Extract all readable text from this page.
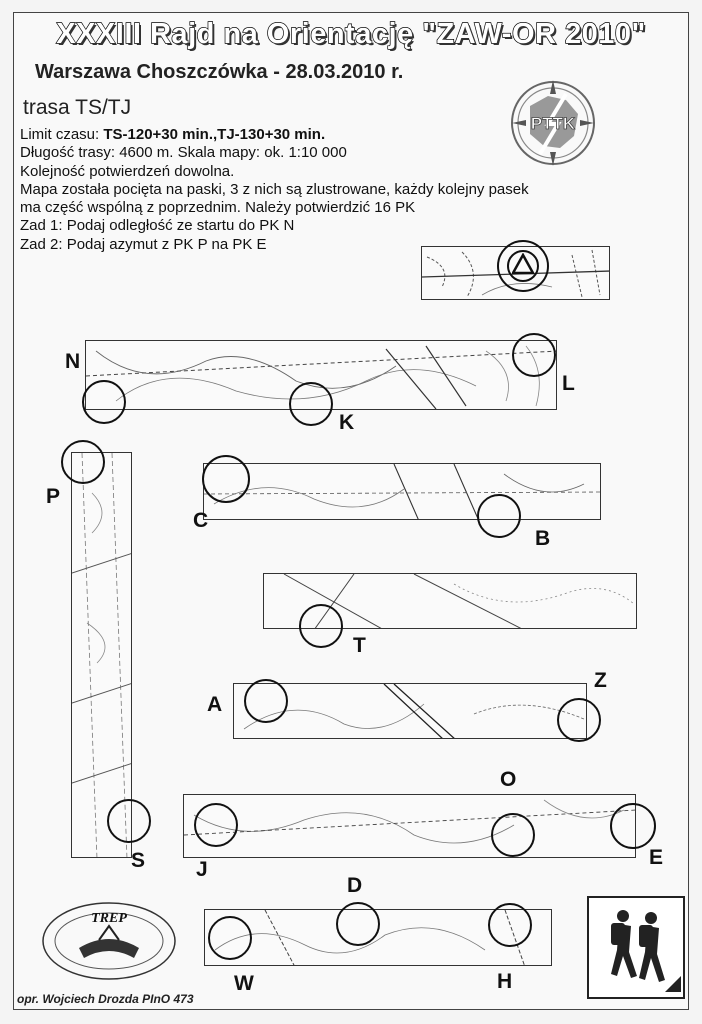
XXXIII Rajd na Orientację "ZAW-OR 2010"
Warszawa Choszczówka - 28.03.2010 r.
trasa TS/TJ
Limit czasu: TS-120+30 min.,TJ-130+30 min.
Długość trasy: 4600 m. Skala mapy: ok. 1:10 000
Kolejność potwierdzeń dowolna.
Mapa została pocięta na paski, 3 z nich są zlustrowane, każdy kolejny pasek
ma część wspólną z poprzednim. Należy potwierdzić 16 PK
Zad 1: Podaj odległość ze startu do PK N
Zad 2: Podaj azymut z PK P na PK E
PTTK
N
L
K
P
C
B
T
A
Z
O
S J
E
D
W	H
TREP
opr. Wojciech Drozda PInO 473
